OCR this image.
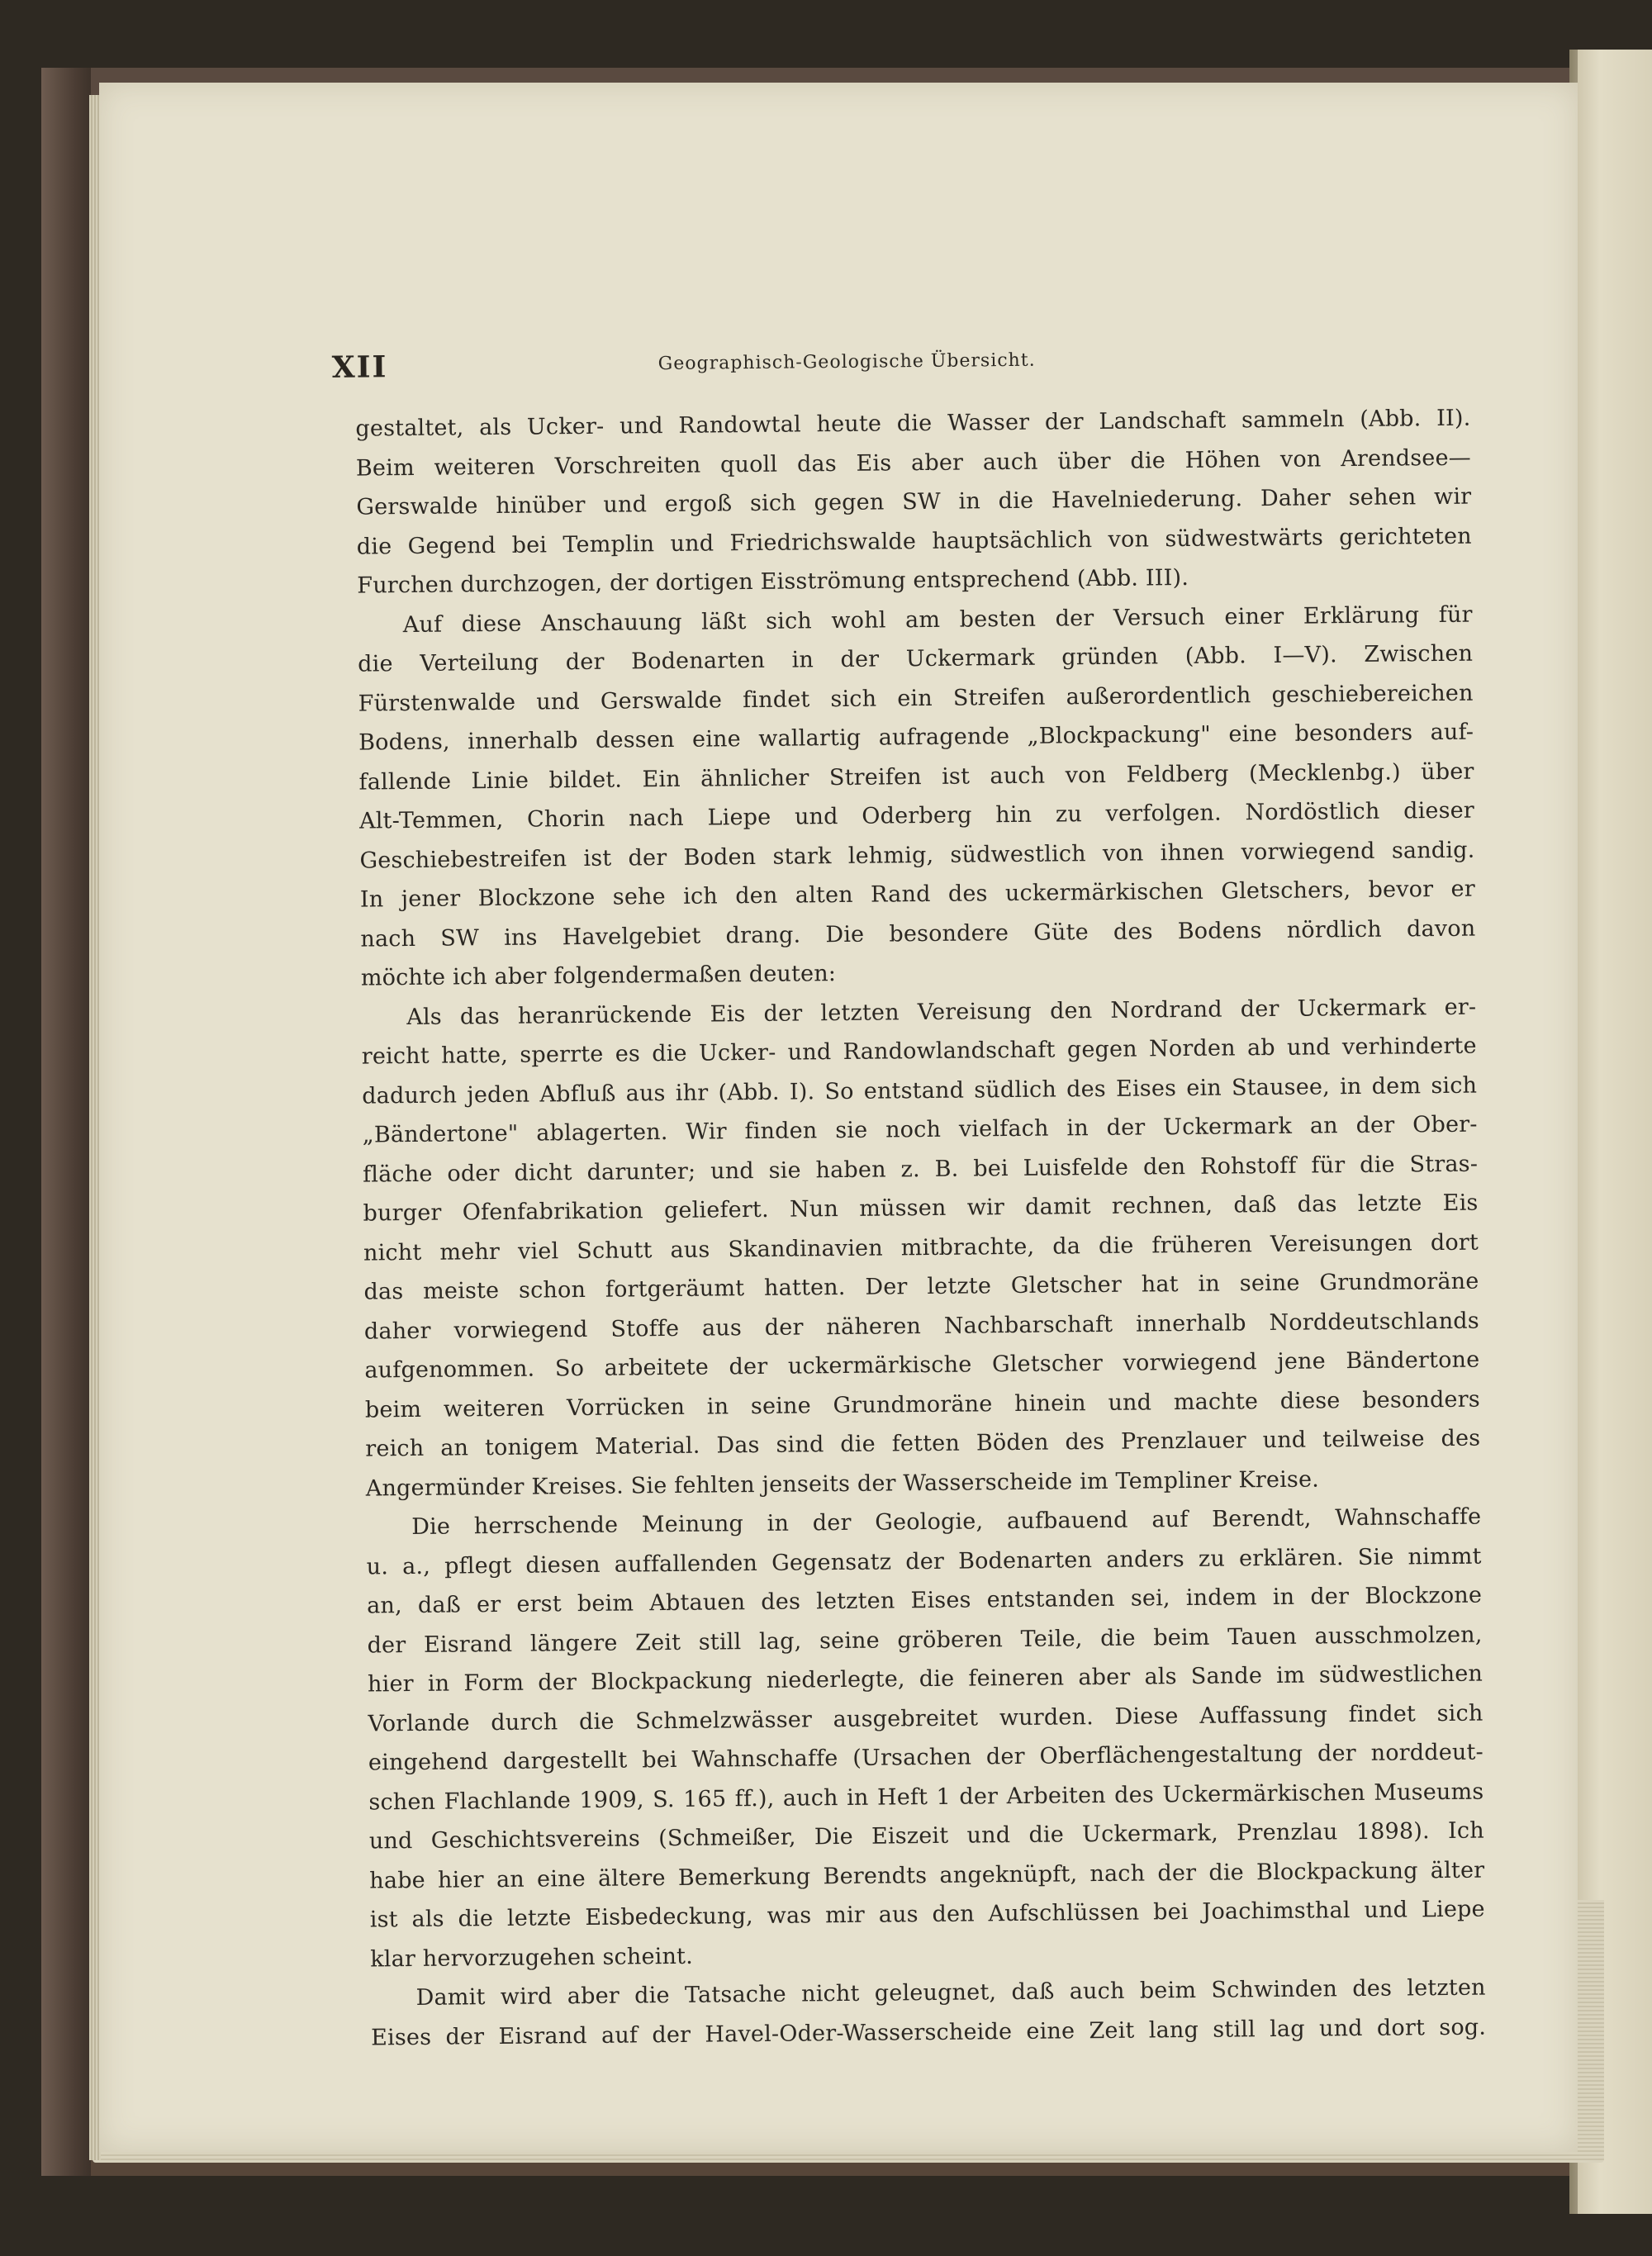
XII	Geographisch-Geologische Übersicht.
gestaltet, als Ucker- und Randowtal heute die Wasser der Landschaft sammeln (Abb. II).
Beim weiteren Vorschreiten quoll das Eis aber auch über die Höhen von Arendsee—
Gerswalde hinüber und ergoß sich gegen SW in die Havelniederung. Daher sehen wir
die Gegend bei Templin und Friedrichswalde hauptsächlich von südwestwärts gerichteten
Furchen durchzogen, der dortigen Eisströmung entsprechend (Abb. III).
Auf diese Anschauung läßt sich wohl am besten der Versuch einer Erklärung für
die Verteilung der Bodenarten in der Uckermark gründen (Abb. I—V). Zwischen
Fürstenwalde und Gerswalde findet sich ein Streifen außerordentlich geschiebereichen
Bodens, innerhalb dessen eine wallartig aufragende „Blockpackung" eine besonders auf-
fallende Linie bildet. Ein ähnlicher Streifen ist auch von Feldberg (Mecklenbg.) über
Alt-Temmen, Chorin nach Liepe und Oderberg hin zu verfolgen. Nordöstlich dieser
Geschiebestreifen ist der Boden stark lehmig, südwestlich von ihnen vorwiegend sandig.
In jener Blockzone sehe ich den alten Rand des uckermärkischen Gletschers, bevor er
nach SW ins Havelgebiet drang. Die besondere Güte des Bodens nördlich davon
möchte ich aber folgendermaßen deuten:
Als das heranrückende Eis der letzten Vereisung den Nordrand der Uckermark er-
reicht hatte, sperrte es die Ucker- und Randowlandschaft gegen Norden ab und verhinderte
dadurch jeden Abfluß aus ihr (Abb. I). So entstand südlich des Eises ein Stausee, in dem sich
„Bändertone" ablagerten. Wir finden sie noch vielfach in der Uckermark an der Ober-
fläche oder dicht darunter; und sie haben z. B. bei Luisfelde den Rohstoff für die Stras-
burger Ofenfabrikation geliefert. Nun müssen wir damit rechnen, daß das letzte Eis
nicht mehr viel Schutt aus Skandinavien mitbrachte, da die früheren Vereisungen dort
das meiste schon fortgeräumt hatten. Der letzte Gletscher hat in seine Grundmoräne
daher vorwiegend Stoffe aus der näheren Nachbarschaft innerhalb Norddeutschlands
aufgenommen. So arbeitete der uckermärkische Gletscher vorwiegend jene Bändertone
beim weiteren Vorrücken in seine Grundmoräne hinein und machte diese besonders
reich an tonigem Material. Das sind die fetten Böden des Prenzlauer und teilweise des
Angermünder Kreises. Sie fehlten jenseits der Wasserscheide im Templiner Kreise.
Die herrschende Meinung in der Geologie, aufbauend auf Berendt, Wahnschaffe
u. a., pflegt diesen auffallenden Gegensatz der Bodenarten anders zu erklären. Sie nimmt
an, daß er erst beim Abtauen des letzten Eises entstanden sei, indem in der Blockzone
der Eisrand längere Zeit still lag, seine gröberen Teile, die beim Tauen ausschmolzen,
hier in Form der Blockpackung niederlegte, die feineren aber als Sande im südwestlichen
Vorlande durch die Schmelzwässer ausgebreitet wurden. Diese Auffassung findet sich
eingehend dargestellt bei Wahnschaffe (Ursachen der Oberflächengestaltung der norddeut-
schen Flachlande 1909, S. 165 ff.), auch in Heft 1 der Arbeiten des Uckermärkischen Museums
und Geschichtsvereins (Schmeißer, Die Eiszeit und die Uckermark, Prenzlau 1898). Ich
habe hier an eine ältere Bemerkung Berendts angeknüpft, nach der die Blockpackung älter
ist als die letzte Eisbedeckung, was mir aus den Aufschlüssen bei Joachimsthal und Liepe
klar hervorzugehen scheint.
Damit wird aber die Tatsache nicht geleugnet, daß auch beim Schwinden des letzten
Eises der Eisrand auf der Havel-Oder-Wasserscheide eine Zeit lang still lag und dort sog.
